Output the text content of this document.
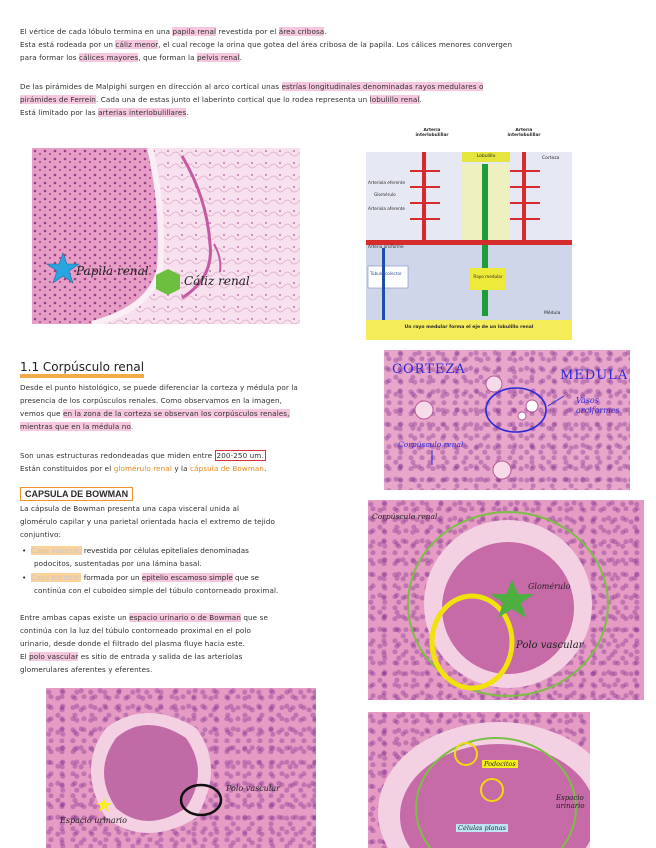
El vértice de cada lóbulo termina en una papila renal revestida por el área cribosa.
Esta está rodeada por un cáliz menor, el cual recoge la orina que gotea del área cribosa de la papila. Los cálices menores convergen
para formar los cálices mayores, que forman la pelvis renal.
De las pirámides de Malpighi surgen en dirección al arco cortical unas estrías longitudinales denominadas rayos medulares o
pirámides de Ferrein. Cada una de estas junto el laberinto cortical que lo rodea representa un lobulillo renal.
Está limitado por las arterias interlobulillares.
Papila renal
Cáliz renal
Arteria interlobulillar
Arteria interlobulillar
Lobulillo	Corteza
Arteriola eferente
Glomérulo
Arteriola aferente
Arteria arciforme
Túbulo colector
Rayo medular
Médula
Un rayo medular forma el eje de un lobulillo renal
1.1 Corpúsculo renal
Desde el punto histológico, se puede diferenciar la corteza y médula por la
presencia de los corpúsculos renales. Como observamos en la imagen,
vemos que en la zona de la corteza se observan los corpúsculos renales,
mientras que en la médula no.
Son unas estructuras redondeadas que miden entre 200-250 um.
Están constituidos por el glomérulo renal y la cápsula de Bowman.
CORTEZA	MEDULA
Vasos
arciformes
Corpúsculo renal
CAPSULA DE BOWMAN
La cápsula de Bowman presenta una capa visceral unida al
glomérulo capilar y una parietal orientada hacia el extremo de tejido
conjuntivo:
•  Capa visceral: revestida por células epiteliales denominadas
podocitos, sustentadas por una lámina basal.
•  Capa parietal: formada por un epitelio escamoso simple que se
continúa con el cuboideo simple del túbulo contorneado proximal.
Entre ambas capas existe un espacio urinario o de Bowman que se
continúa con la luz del túbulo contorneado proximal en el polo
urinario, desde donde el filtrado del plasma fluye hacia este.
El polo vascular es sitio de entrada y salida de las arteriolas
glomerulares aferentes y eferentes.
Corpúsculo renal
Glomérulo
Polo vascular
Polo vascular
Espacio urinario
Podocitos
Espacio urinario
Células planas
